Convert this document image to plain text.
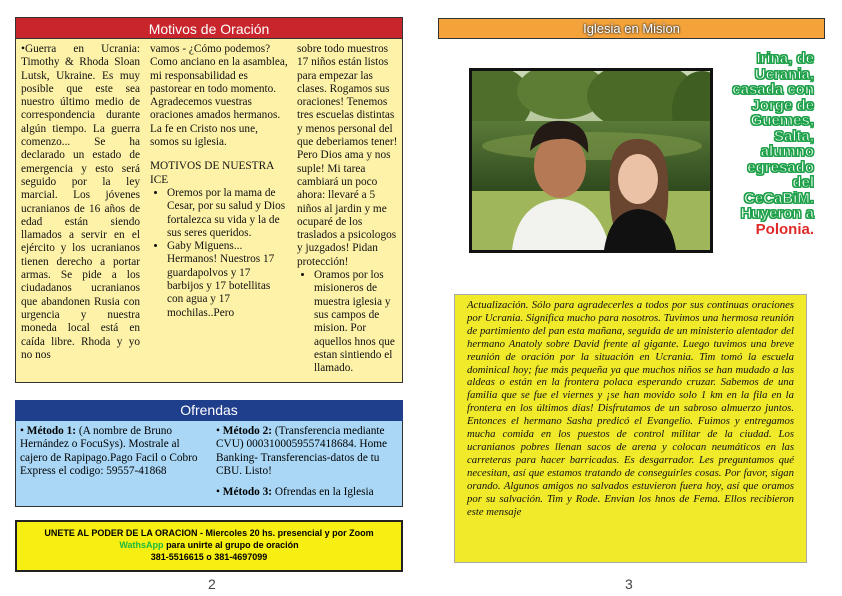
Motivos de Oración

•Guerra en Ucrania: Timothy & Rhoda Sloan Lutsk, Ukraine. Es muy posible que este sea nuestro último medio de correspondencia durante algún tiempo. La guerra comenzo... Se ha declarado un estado de emergencia y esto será seguido por la ley marcial. Los jóvenes ucranianos de 16 años de edad están siendo llamados a servir en el ejército y los ucranianos tienen derecho a portar armas. Se pide a los ciudadanos ucranianos que abandonen Rusia con urgencia y nuestra moneda local está en caída libre. Rhoda y yo no nos

vamos - ¿Cómo podemos? Como anciano en la asamblea, mi responsabilidad es pastorear en todo momento. Agradecemos vuestras oraciones amados hermanos. La fe en Cristo nos une, somos su iglesia.

MOTIVOS DE NUESTRA ICE

• Oremos por la mama de Cesar, por su salud y Dios fortalezca su vida y la de sus seres queridos.
• Gaby Miguens... Hermanos! Nuestros 17 guardapolvos y 17 barbijos y 17 botellitas con agua y 17 mochilas..Pero

sobre todo muestros 17 niños están listos para empezar las clases. Rogamos sus oraciones! Tenemos tres escuelas distintas y menos personal del que deberiamos tener! Pero Dios ama y nos suple! Mi tarea cambiará un poco ahora: llevaré a 5 niños al jardin y me ocuparé de los traslados a psicologos y juzgados! Pidan protección!

• Oramos por los misioneros de muestra iglesia y sus campos de mision. Por aquellos hnos que estan sintiendo el llamado.
Ofrendas
• Método 1: (A nombre de Bruno Hernández o FocuSys). Mostrale al cajero de Rapipago.Pago Facil o Cobro Express el codigo: 59557-41868
• Método 2: (Transferencia mediante CVU) 0003100059557418684. Home Banking- Transferencias-datos de tu CBU. Listo!
• Método 3: Ofrendas en la Iglesia
UNETE AL PODER DE LA ORACION - Miercoles 20 hs. presencial y por Zoom
WathsApp para unirte al grupo de oración
381-5516615 o 381-4697099
2
Iglesia en Mision
Irina, de Ucrania, casada con Jorge de Guemes, Salta, alumno egresado del CeCaBiM. Huyeron a Polonia.
Actualización. Sólo para agradecerles a todos por sus continuas oraciones por Ucrania. Significa mucho para nosotros. Tuvimos una hermosa reunión de partimiento del pan esta mañana, seguida de un ministerio alentador del hermano Anatoly sobre David frente al gigante. Luego tuvimos una breve reunión de oración por la situación en Ucrania. Tim tomó la escuela dominical hoy; fue más pequeña ya que muchos niños se han mudado a las aldeas o están en la frontera polaca esperando cruzar. Sabemos de una familia que se fue el viernes y ¡se han movido solo 1 km en la fila en la frontera en los últimos días! Disfrutamos de un sabroso almuerzo juntos. Entonces el hermano Sasha predicó el Evangelio. Fuimos y entregamos mucha comida en los puestos de control militar de la ciudad. Los ucranianos pobres llenan sacos de arena y colocan neumáticos en las carreteras para hacer barricadas. Es desgarrador. Les preguntamos qué necesitan, así que estamos tratando de conseguirles cosas. Por favor, sigan orando. Algunos amigos no salvados estuvieron fuera hoy, así que oramos por su salvación. Tim y Rode. Envian los hnos de Fema. Ellos recibieron este mensaje
3
